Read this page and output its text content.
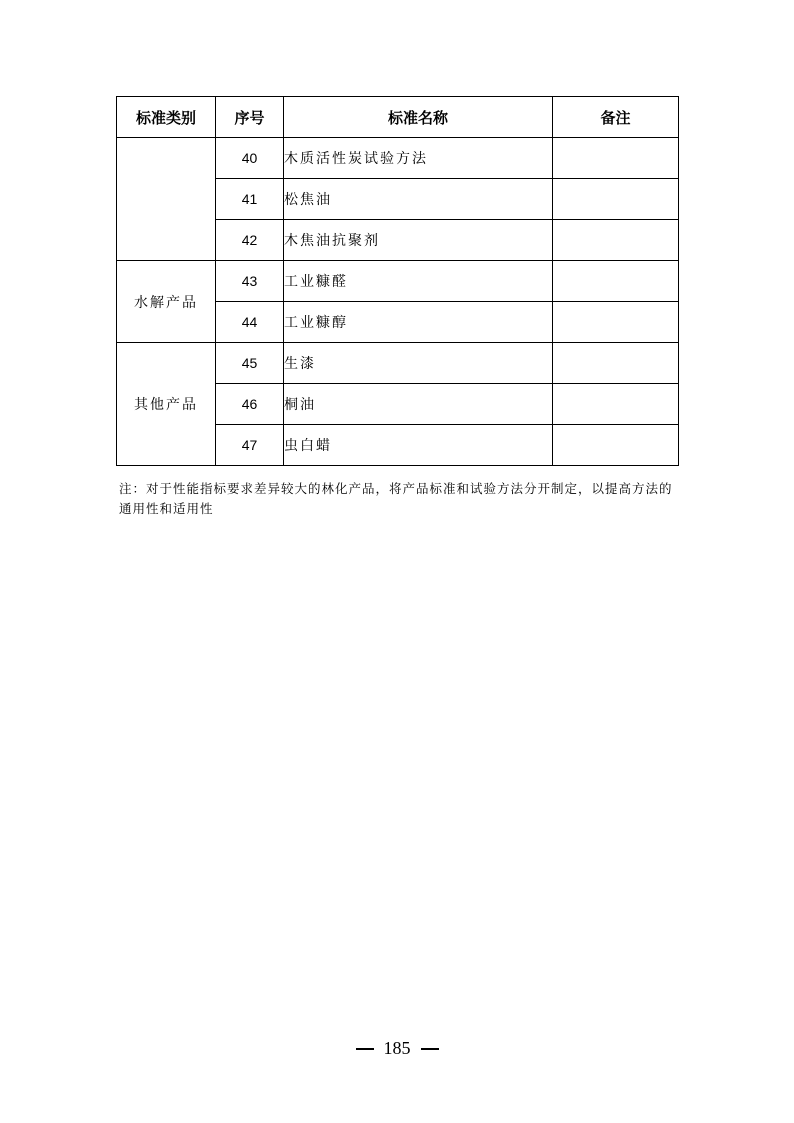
标准类别	序号	标准名称	备注
	40	木质活性炭试验方法	
	41	松焦油	
	42	木焦油抗聚剂	
水解产品	43	工业糠醛	
	44	工业糠醇	
其他产品	45	生漆	
	46	桐油	
	47	虫白蜡	
注：对于性能指标要求差异较大的林化产品，将产品标准和试验方法分开制定，以提高方法的通用性和适用性
185
